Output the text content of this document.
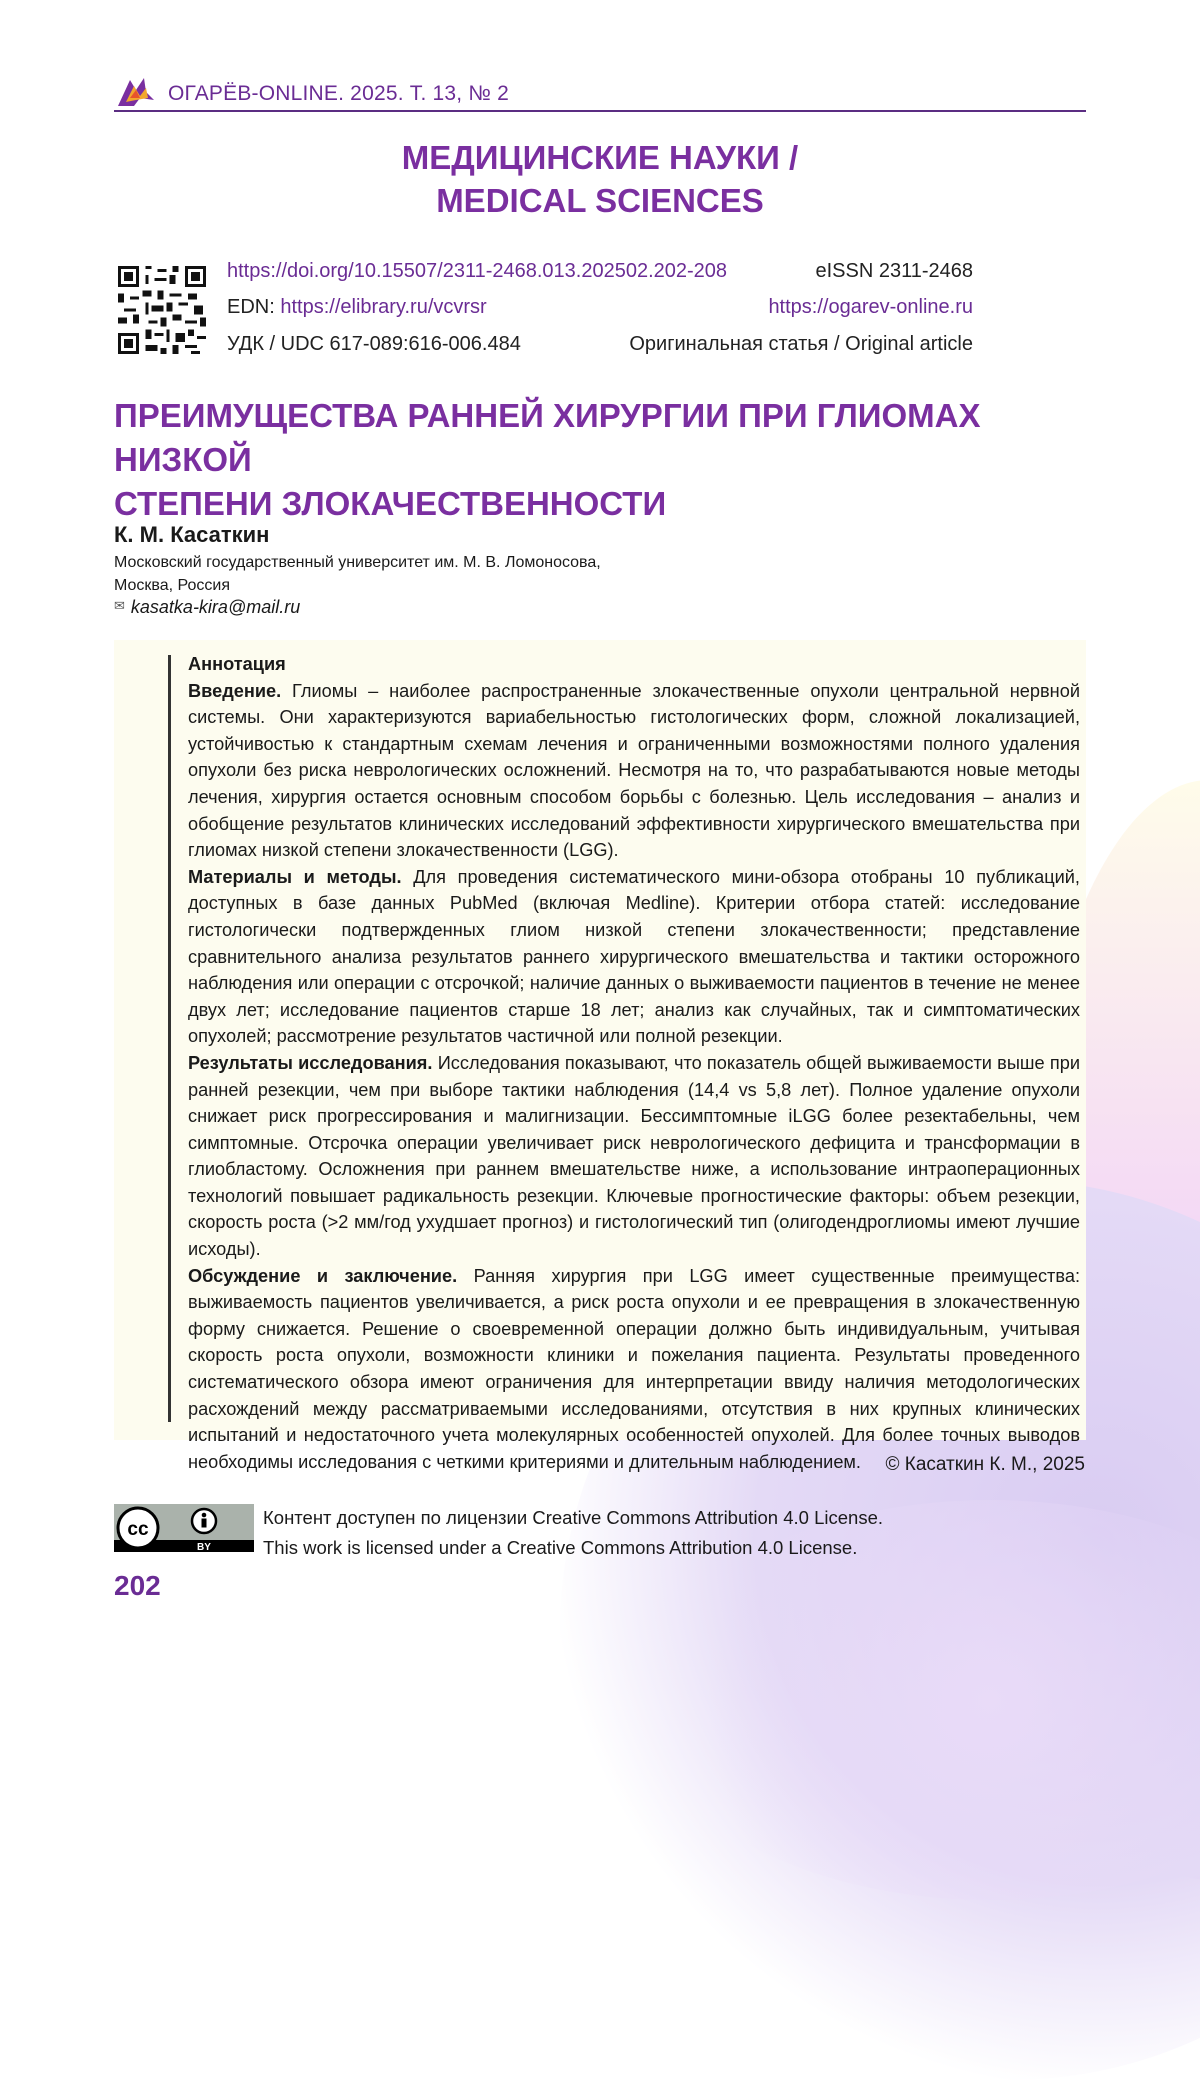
ОГАРЁВ-ONLINE. 2025. Т. 13, № 2
МЕДИЦИНСКИЕ НАУКИ /
MEDICAL SCIENCES
https://doi.org/10.15507/2311-2468.013.202502.202-208	eISSN 2311-2468
EDN: https://elibrary.ru/vcvrsr	https://ogarev-online.ru
УДК / UDC 617-089:616-006.484	Оригинальная статья / Original article
ПРЕИМУЩЕСТВА РАННЕЙ ХИРУРГИИ ПРИ ГЛИОМАХ НИЗКОЙ
СТЕПЕНИ ЗЛОКАЧЕСТВЕННОСТИ
К. М. Касаткин
Московский государственный университет им. М. В. Ломоносова,
Москва, Россия
✉ kasatka-kira@mail.ru

Аннотация

Введение. Глиомы – наиболее распространенные злокачественные опухоли центральной нервной системы. Они характеризуются вариабельностью гистологических форм, сложной локализацией, устойчивостью к стандартным схемам лечения и ограниченными возможностями полного удаления опухоли без риска неврологических осложнений. Несмотря на то, что разрабатываются новые методы лечения, хирургия остается основным способом борьбы с болезнью. Цель исследования – анализ и обобщение результатов клинических исследований эффективности хирургического вмешательства при глиомах низкой степени злокачественности (LGG).

Материалы и методы. Для проведения систематического мини-обзора отобраны 10 публикаций, доступных в базе данных PubMed (включая Medline). Критерии отбора статей: исследование гистологически подтвержденных глиом низкой степени злокачественности; представление сравнительного анализа результатов раннего хирургического вмешательства и тактики осторожного наблюдения или операции с отсрочкой; наличие данных о выживаемости пациентов в течение не менее двух лет; исследование пациентов старше 18 лет; анализ как случайных, так и симптоматических опухолей; рассмотрение результатов частичной или полной резекции.

Результаты исследования. Исследования показывают, что показатель общей выживаемости выше при ранней резекции, чем при выборе тактики наблюдения (14,4 vs 5,8 лет). Полное удаление опухоли снижает риск прогрессирования и малигнизации. Бессимптомные iLGG более резектабельны, чем симптомные. Отсрочка операции увеличивает риск неврологического дефицита и трансформации в глиобластому. Осложнения при раннем вмешательстве ниже, а использование интраоперационных технологий повышает радикальность резекции. Ключевые прогностические факторы: объем резекции, скорость роста (>2 мм/год ухудшает прогноз) и гистологический тип (олигодендроглиомы имеют лучшие исходы).

Обсуждение и заключение. Ранняя хирургия при LGG имеет существенные преимущества: выживаемость пациентов увеличивается, а риск роста опухоли и ее превращения в злокачественную форму снижается. Решение о своевременной операции должно быть индивидуальным, учитывая скорость роста опухоли, возможности клиники и пожелания пациента. Результаты проведенного систематического обзора имеют ограничения для интерпретации ввиду наличия методологических расхождений между рассматриваемыми исследованиями, отсутствия в них крупных клинических испытаний и недостаточного учета молекулярных особенностей опухолей. Для более точных выводов необходимы исследования с четкими критериями и длительным наблюдением.	© Касаткин К. М., 2025
cc
BY
Контент доступен по лицензии Creative Commons Attribution 4.0 License.
This work is licensed under a Creative Commons Attribution 4.0 License.
202
